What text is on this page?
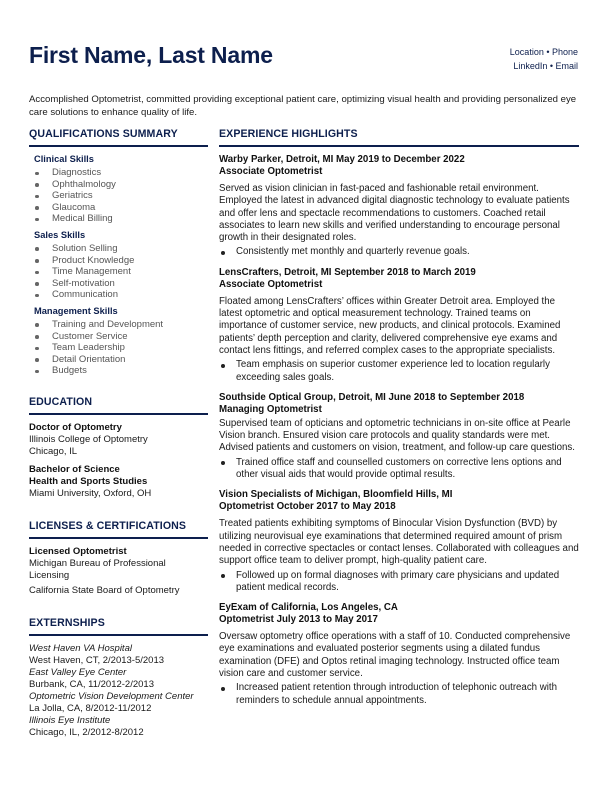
First Name, Last Name	Location • Phone
LinkedIn • Email
Accomplished Optometrist, committed providing exceptional patient care, optimizing visual health and providing personalized eye care solutions to enhance quality of life.
QUALIFICATIONS SUMMARY
Clinical Skills
Diagnostics
Ophthalmology
Geriatrics
Glaucoma
Medical Billing
Sales Skills
Solution Selling
Product Knowledge
Time Management
Self-motivation
Communication
Management Skills
Training and Development
Customer Service
Team Leadership
Detail Orientation
Budgets
EDUCATION
Doctor of Optometry
Illinois College of Optometry
Chicago, IL
Bachelor of Science
Health and Sports Studies
Miami University, Oxford, OH
LICENSES & CERTIFICATIONS
Licensed Optometrist
Michigan Bureau of Professional Licensing
California State Board of Optometry
EXTERNSHIPS
West Haven VA Hospital
West Haven, CT, 2/2013-5/2013
East Valley Eye Center
Burbank, CA, 11/2012-2/2013
Optometric Vision Development Center
La Jolla, CA, 8/2012-11/2012
Illinois Eye Institute
Chicago, IL, 2/2012-8/2012
EXPERIENCE HIGHLIGHTS
Warby Parker, Detroit, MI May 2019 to December 2022
Associate Optometrist
Served as vision clinician in fast-paced and fashionable retail environment. Employed the latest in advanced digital diagnostic technology to evaluate patients and offer lens and spectacle recommendations to customers. Coached retail associates to learn new skills and verified understanding to encourage personal growth in their designated roles.
Consistently met monthly and quarterly revenue goals.
LensCrafters, Detroit, MI September 2018 to March 2019
Associate Optometrist
Floated among LensCrafters’ offices within Greater Detroit area. Employed the latest optometric and optical measurement technology. Trained teams on importance of customer service, new products, and clinical protocols. Examined patients’ depth perception and clarity, delivered comprehensive eye exams and contact lens fittings, and referred complex cases to the appropriate specialists.
Team emphasis on superior customer experience led to location regularly exceeding sales goals.
Southside Optical Group, Detroit, MI June 2018 to September 2018
Managing Optometrist
Supervised team of opticians and optometric technicians in on-site office at Pearle Vision branch. Ensured vision care protocols and quality standards were met. Advised patients and customers on vision, treatment, and follow-up care questions.
Trained office staff and counselled customers on corrective lens options and other visual aids that would provide optimal results.
Vision Specialists of Michigan, Bloomfield Hills, MI
Optometrist October 2017 to May 2018
Treated patients exhibiting symptoms of Binocular Vision Dysfunction (BVD) by utilizing neurovisual eye examinations that determined required amount of prism needed in corrective spectacles or contact lenses. Collaborated with colleagues and support office team to deliver prompt, high-quality patient care.
Followed up on formal diagnoses with primary care physicians and updated patient medical records.
EyExam of California, Los Angeles, CA
Optometrist July 2013 to May 2017
Oversaw optometry office operations with a staff of 10. Conducted comprehensive eye examinations and evaluated posterior segments using a dilated fundus examination (DFE) and Optos retinal imaging technology. Instructed office team vision care and customer service.
Increased patient retention through introduction of telephonic outreach with reminders to schedule annual appointments.
